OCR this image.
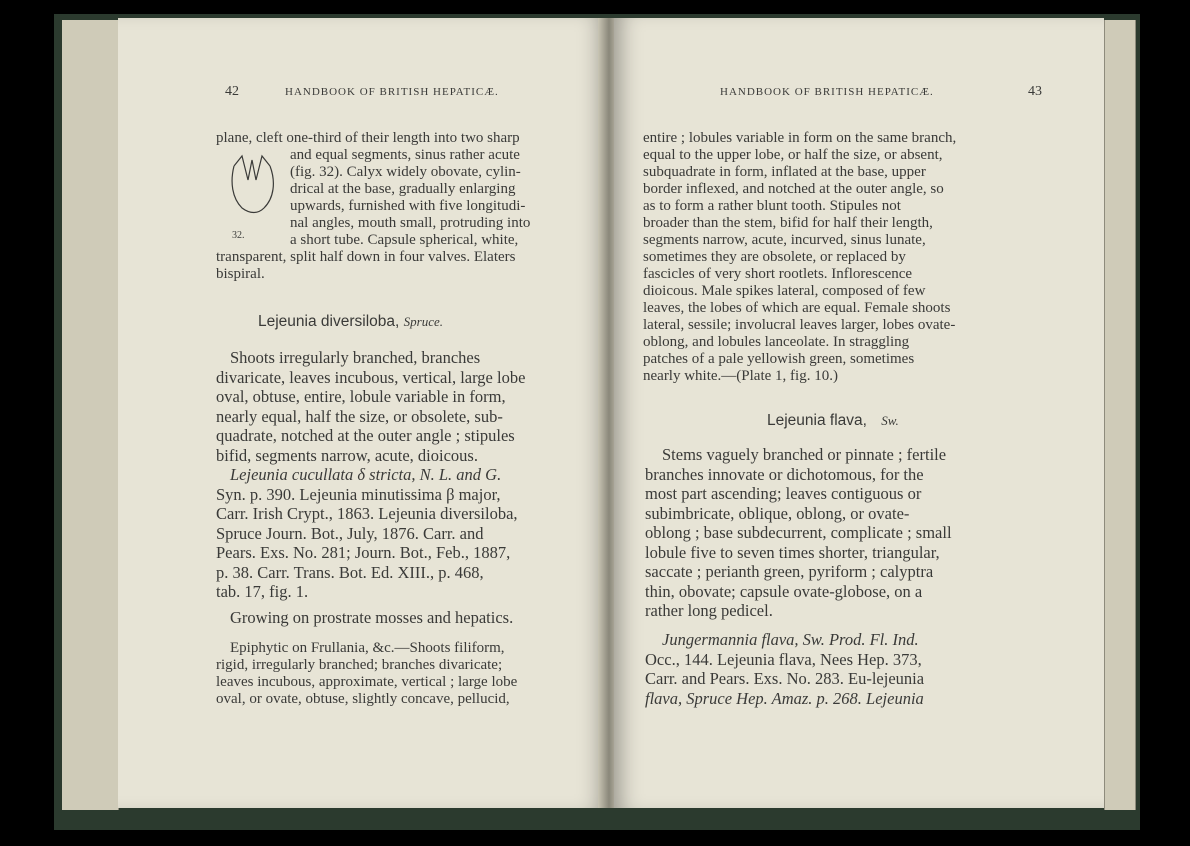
42	HANDBOOK OF BRITISH HEPATICÆ.
plane, cleft one-third of their length into two sharp
and equal segments, sinus rather acute
(fig. 32). Calyx widely obovate, cylin-
drical at the base, gradually enlarging
upwards, furnished with five longitudi-
nal angles, mouth small, protruding into
a short tube. Capsule spherical, white,
transparent, split half down in four valves. Elaters
bispiral.
32.
Lejeunia diversiloba, Spruce.
Shoots irregularly branched, branches
divaricate, leaves incubous, vertical, large lobe
oval, obtuse, entire, lobule variable in form,
nearly equal, half the size, or obsolete, sub-
quadrate, notched at the outer angle ; stipules
bifid, segments narrow, acute, dioicous.
Lejeunia cucullata δ stricta, N. L. and G.
Syn. p. 390. Lejeunia minutissima β major,
Carr. Irish Crypt., 1863. Lejeunia diversiloba,
Spruce Journ. Bot., July, 1876. Carr. and
Pears. Exs. No. 281; Journ. Bot., Feb., 1887,
p. 38. Carr. Trans. Bot. Ed. XIII., p. 468,
tab. 17, fig. 1.
Growing on prostrate mosses and hepatics.
Epiphytic on Frullania, &c.—Shoots filiform,
rigid, irregularly branched; branches divaricate;
leaves incubous, approximate, vertical ; large lobe
oval, or ovate, obtuse, slightly concave, pellucid,
HANDBOOK OF BRITISH HEPATICÆ.	43
entire ; lobules variable in form on the same branch,
equal to the upper lobe, or half the size, or absent,
subquadrate in form, inflated at the base, upper
border inflexed, and notched at the outer angle, so
as to form a rather blunt tooth. Stipules not
broader than the stem, bifid for half their length,
segments narrow, acute, incurved, sinus lunate,
sometimes they are obsolete, or replaced by
fascicles of very short rootlets. Inflorescence
dioicous. Male spikes lateral, composed of few
leaves, the lobes of which are equal. Female shoots
lateral, sessile; involucral leaves larger, lobes ovate-
oblong, and lobules lanceolate. In straggling
patches of a pale yellowish green, sometimes
nearly white.—(Plate 1, fig. 10.)
Lejeunia flava, Sw.
Stems vaguely branched or pinnate ; fertile
branches innovate or dichotomous, for the
most part ascending; leaves contiguous or
subimbricate, oblique, oblong, or ovate-
oblong ; base subdecurrent, complicate ; small
lobule five to seven times shorter, triangular,
saccate ; perianth green, pyriform ; calyptra
thin, obovate; capsule ovate-globose, on a
rather long pedicel.
Jungermannia flava, Sw. Prod. Fl. Ind.
Occ., 144. Lejeunia flava, Nees Hep. 373,
Carr. and Pears. Exs. No. 283. Eu-lejeunia
flava, Spruce Hep. Amaz. p. 268. Lejeunia
